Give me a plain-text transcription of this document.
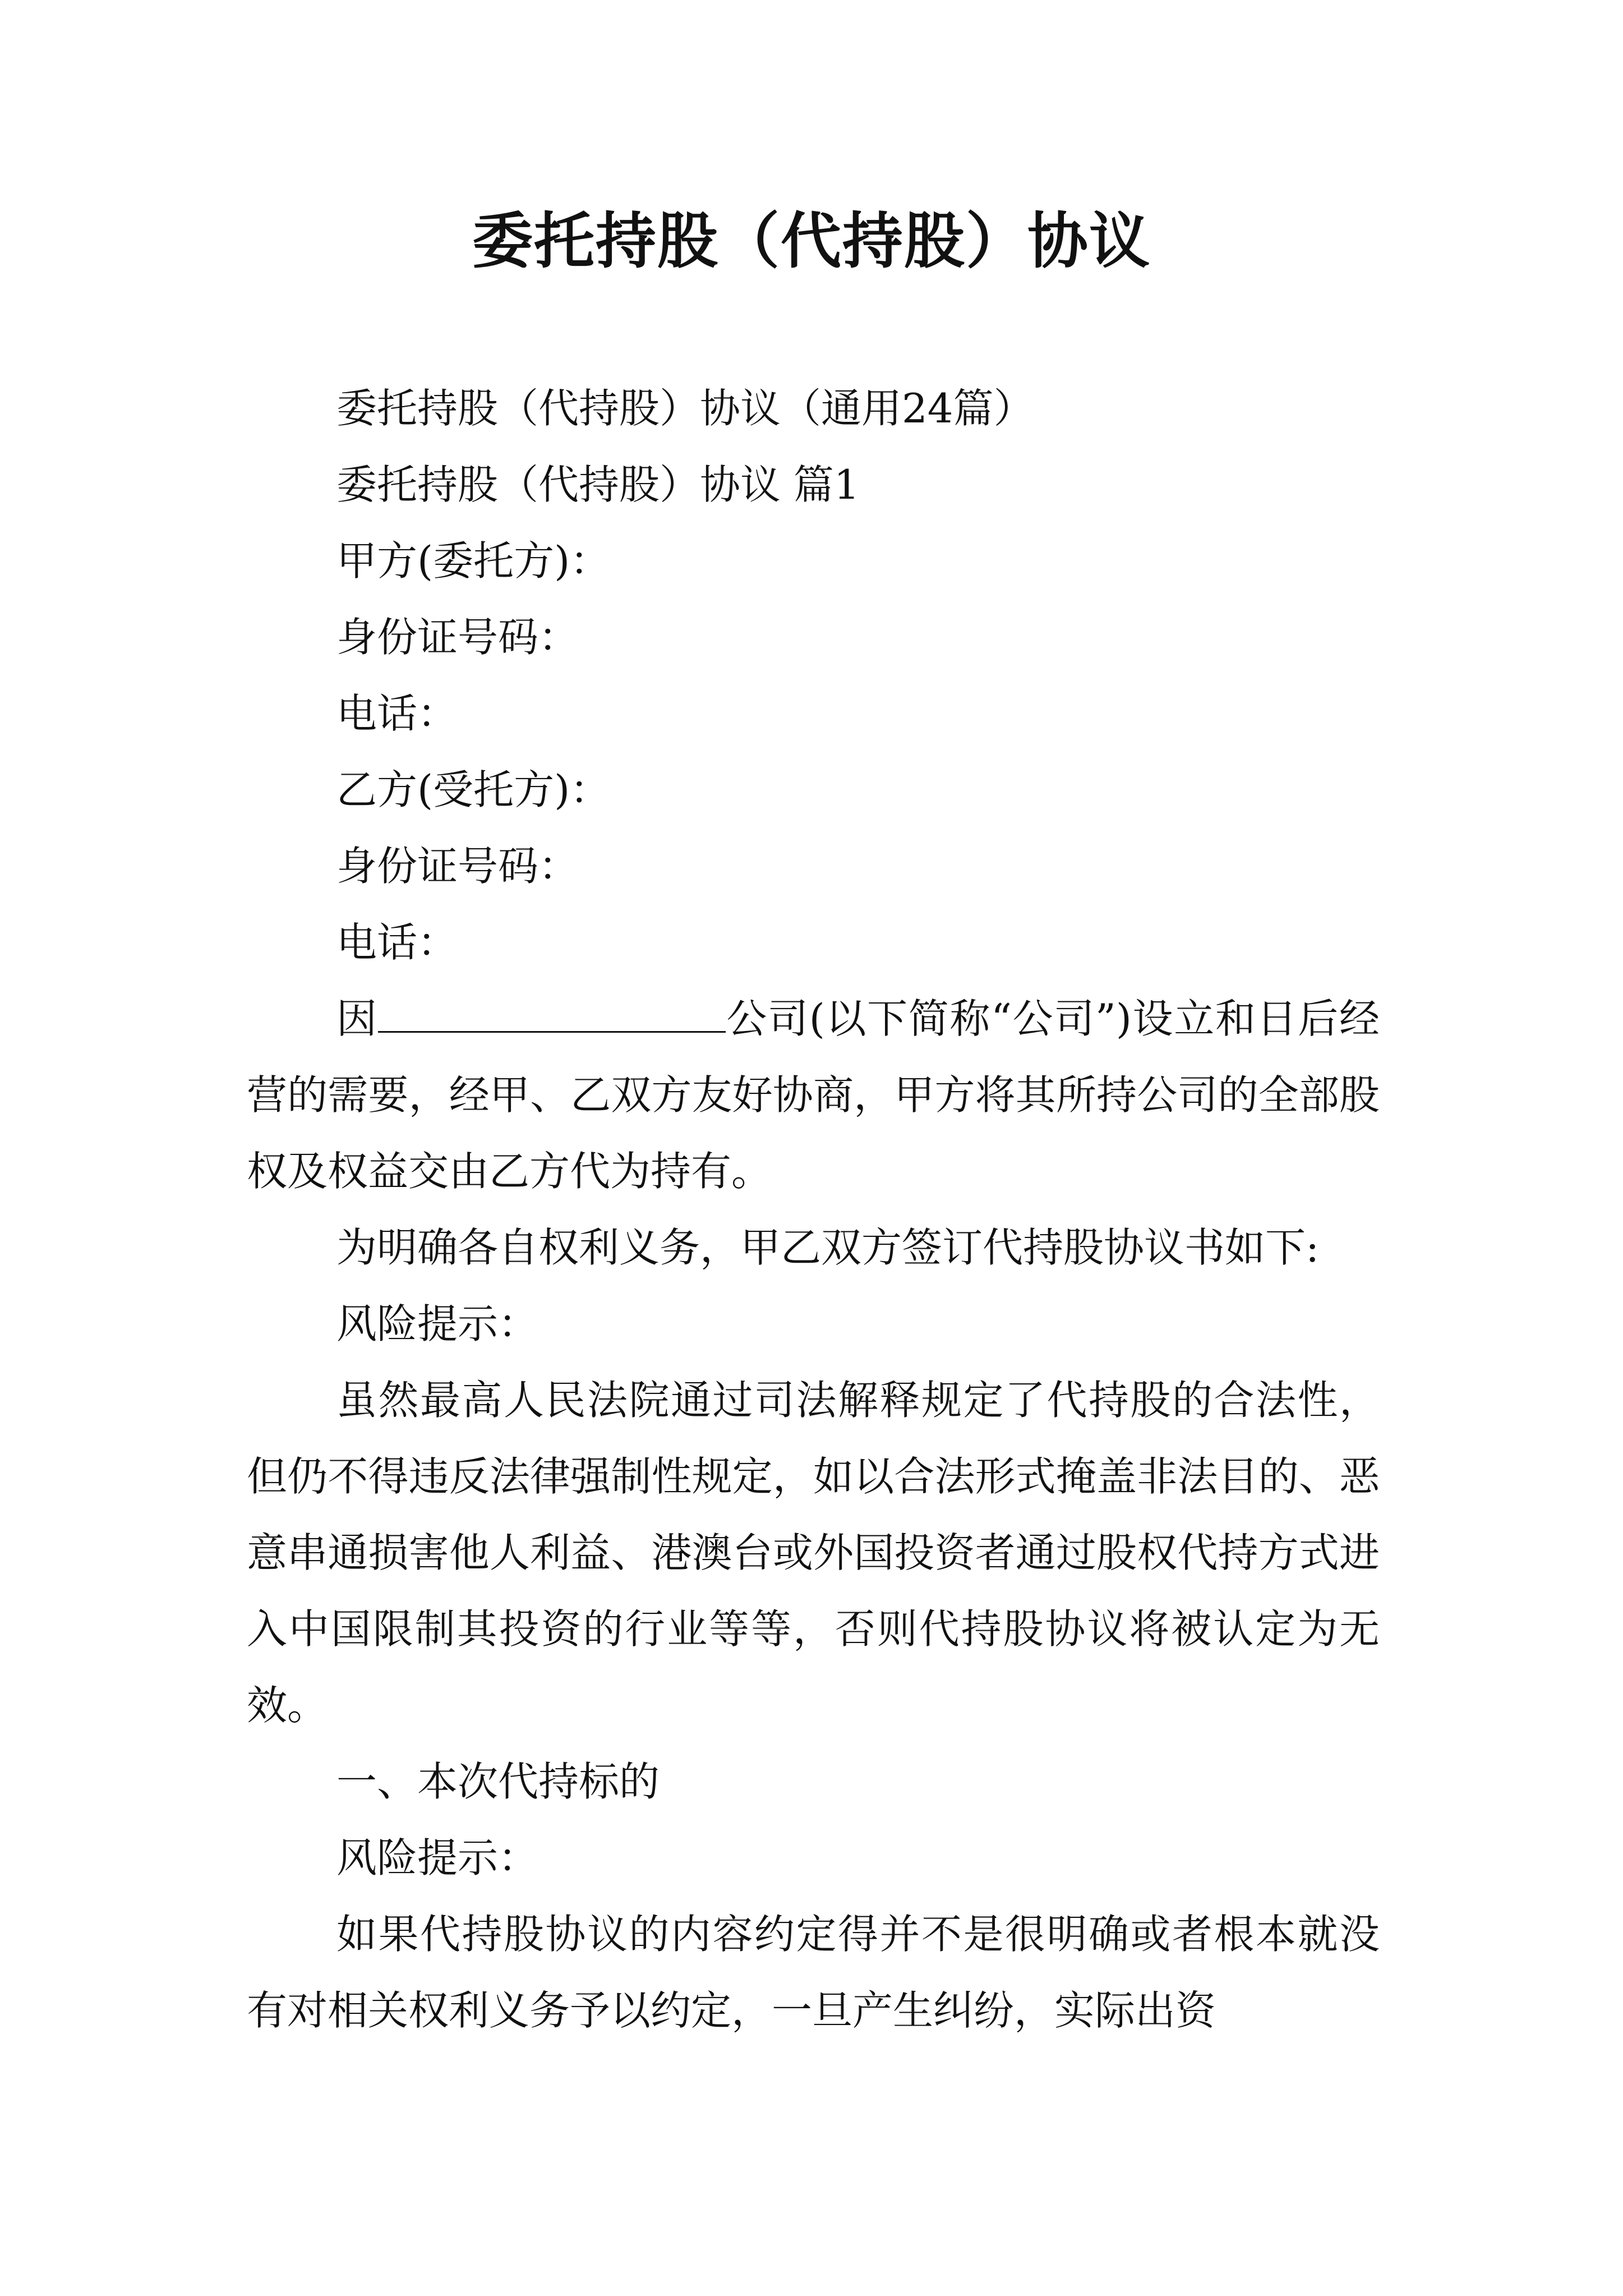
委托持股（代持股）协议
委托持股（代持股）协议（通用24篇）
委托持股（代持股）协议 篇1
甲方(委托方)：
身份证号码：
电话：
乙方(受托方)：
身份证号码：
电话：
因	公司(以下简称“公司”)设立和日后经营的需要，经甲、乙双方友好协商，甲方将其所持公司的全部股权及权益交由乙方代为持有。
为明确各自权利义务，甲乙双方签订代持股协议书如下:
风险提示：
虽然最高人民法院通过司法解释规定了代持股的合法性，但仍不得违反法律强制性规定，如以合法形式掩盖非法目的、恶意串通损害他人利益、港澳台或外国投资者通过股权代持方式进入中国限制其投资的行业等等，否则代持股协议将被认定为无效。
一、本次代持标的
风险提示：
如果代持股协议的内容约定得并不是很明确或者根本就没有对相关权利义务予以约定，一旦产生纠纷，实际出资
